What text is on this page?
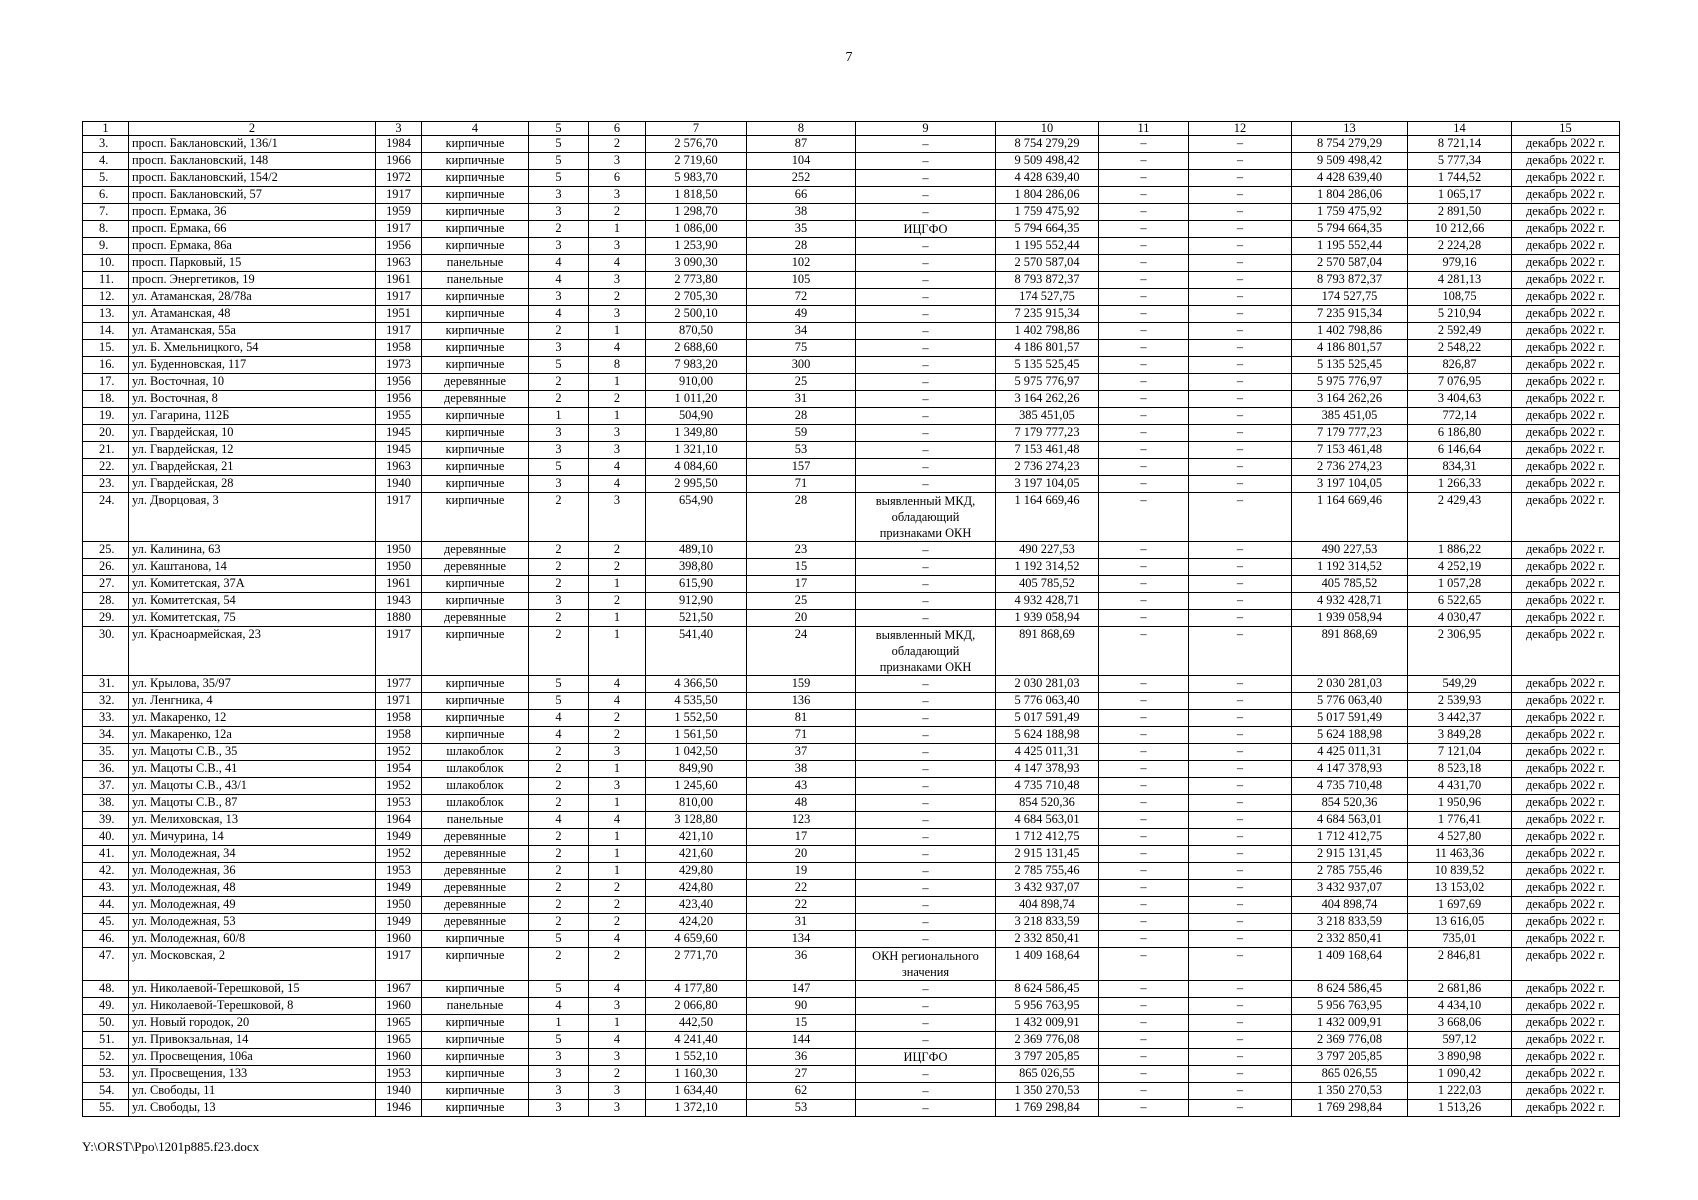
7
1	2	3	4	5	6	7	8	9	10	11	12	13	14	15
3.	просп. Баклановский, 136/1	1984	кирпичные	5	2	2 576,70	87	–	8 754 279,29	–	–	8 754 279,29	8 721,14	декабрь 2022 г.
4.	просп. Баклановский, 148	1966	кирпичные	5	3	2 719,60	104	–	9 509 498,42	–	–	9 509 498,42	5 777,34	декабрь 2022 г.
5.	просп. Баклановский, 154/2	1972	кирпичные	5	6	5 983,70	252	–	4 428 639,40	–	–	4 428 639,40	1 744,52	декабрь 2022 г.
6.	просп. Баклановский, 57	1917	кирпичные	3	3	1 818,50	66	–	1 804 286,06	–	–	1 804 286,06	1 065,17	декабрь 2022 г.
7.	просп. Ермака, 36	1959	кирпичные	3	2	1 298,70	38	–	1 759 475,92	–	–	1 759 475,92	2 891,50	декабрь 2022 г.
8.	просп. Ермака, 66	1917	кирпичные	2	1	1 086,00	35	ИЦГФО	5 794 664,35	–	–	5 794 664,35	10 212,66	декабрь 2022 г.
9.	просп. Ермака, 86а	1956	кирпичные	3	3	1 253,90	28	–	1 195 552,44	–	–	1 195 552,44	2 224,28	декабрь 2022 г.
10.	просп. Парковый, 15	1963	панельные	4	4	3 090,30	102	–	2 570 587,04	–	–	2 570 587,04	979,16	декабрь 2022 г.
11.	просп. Энергетиков, 19	1961	панельные	4	3	2 773,80	105	–	8 793 872,37	–	–	8 793 872,37	4 281,13	декабрь 2022 г.
12.	ул. Атаманская, 28/78а	1917	кирпичные	3	2	2 705,30	72	–	174 527,75	–	–	174 527,75	108,75	декабрь 2022 г.
13.	ул. Атаманская, 48	1951	кирпичные	4	3	2 500,10	49	–	7 235 915,34	–	–	7 235 915,34	5 210,94	декабрь 2022 г.
14.	ул. Атаманская, 55а	1917	кирпичные	2	1	870,50	34	–	1 402 798,86	–	–	1 402 798,86	2 592,49	декабрь 2022 г.
15.	ул. Б. Хмельницкого, 54	1958	кирпичные	3	4	2 688,60	75	–	4 186 801,57	–	–	4 186 801,57	2 548,22	декабрь 2022 г.
16.	ул. Буденновская, 117	1973	кирпичные	5	8	7 983,20	300	–	5 135 525,45	–	–	5 135 525,45	826,87	декабрь 2022 г.
17.	ул. Восточная, 10	1956	деревянные	2	1	910,00	25	–	5 975 776,97	–	–	5 975 776,97	7 076,95	декабрь 2022 г.
18.	ул. Восточная, 8	1956	деревянные	2	2	1 011,20	31	–	3 164 262,26	–	–	3 164 262,26	3 404,63	декабрь 2022 г.
19.	ул. Гагарина, 112Б	1955	кирпичные	1	1	504,90	28	–	385 451,05	–	–	385 451,05	772,14	декабрь 2022 г.
20.	ул. Гвардейская, 10	1945	кирпичные	3	3	1 349,80	59	–	7 179 777,23	–	–	7 179 777,23	6 186,80	декабрь 2022 г.
21.	ул. Гвардейская, 12	1945	кирпичные	3	3	1 321,10	53	–	7 153 461,48	–	–	7 153 461,48	6 146,64	декабрь 2022 г.
22.	ул. Гвардейская, 21	1963	кирпичные	5	4	4 084,60	157	–	2 736 274,23	–	–	2 736 274,23	834,31	декабрь 2022 г.
23.	ул. Гвардейская, 28	1940	кирпичные	3	4	2 995,50	71	–	3 197 104,05	–	–	3 197 104,05	1 266,33	декабрь 2022 г.
24.	ул. Дворцовая, 3	1917	кирпичные	2	3	654,90	28	выявленный МКД, обладающий признаками ОКН	1 164 669,46	–	–	1 164 669,46	2 429,43	декабрь 2022 г.
25.	ул. Калинина, 63	1950	деревянные	2	2	489,10	23	–	490 227,53	–	–	490 227,53	1 886,22	декабрь 2022 г.
26.	ул. Каштанова, 14	1950	деревянные	2	2	398,80	15	–	1 192 314,52	–	–	1 192 314,52	4 252,19	декабрь 2022 г.
27.	ул. Комитетская, 37А	1961	кирпичные	2	1	615,90	17	–	405 785,52	–	–	405 785,52	1 057,28	декабрь 2022 г.
28.	ул. Комитетская, 54	1943	кирпичные	3	2	912,90	25	–	4 932 428,71	–	–	4 932 428,71	6 522,65	декабрь 2022 г.
29.	ул. Комитетская, 75	1880	деревянные	2	1	521,50	20	–	1 939 058,94	–	–	1 939 058,94	4 030,47	декабрь 2022 г.
30.	ул. Красноармейская, 23	1917	кирпичные	2	1	541,40	24	выявленный МКД, обладающий признаками ОКН	891 868,69	–	–	891 868,69	2 306,95	декабрь 2022 г.
31.	ул. Крылова, 35/97	1977	кирпичные	5	4	4 366,50	159	–	2 030 281,03	–	–	2 030 281,03	549,29	декабрь 2022 г.
32.	ул. Ленгника, 4	1971	кирпичные	5	4	4 535,50	136	–	5 776 063,40	–	–	5 776 063,40	2 539,93	декабрь 2022 г.
33.	ул. Макаренко, 12	1958	кирпичные	4	2	1 552,50	81	–	5 017 591,49	–	–	5 017 591,49	3 442,37	декабрь 2022 г.
34.	ул. Макаренко, 12а	1958	кирпичные	4	2	1 561,50	71	–	5 624 188,98	–	–	5 624 188,98	3 849,28	декабрь 2022 г.
35.	ул. Мацоты С.В., 35	1952	шлакоблок	2	3	1 042,50	37	–	4 425 011,31	–	–	4 425 011,31	7 121,04	декабрь 2022 г.
36.	ул. Мацоты С.В., 41	1954	шлакоблок	2	1	849,90	38	–	4 147 378,93	–	–	4 147 378,93	8 523,18	декабрь 2022 г.
37.	ул. Мацоты С.В., 43/1	1952	шлакоблок	2	3	1 245,60	43	–	4 735 710,48	–	–	4 735 710,48	4 431,70	декабрь 2022 г.
38.	ул. Мацоты С.В., 87	1953	шлакоблок	2	1	810,00	48	–	854 520,36	–	–	854 520,36	1 950,96	декабрь 2022 г.
39.	ул. Мелиховская, 13	1964	панельные	4	4	3 128,80	123	–	4 684 563,01	–	–	4 684 563,01	1 776,41	декабрь 2022 г.
40.	ул. Мичурина, 14	1949	деревянные	2	1	421,10	17	–	1 712 412,75	–	–	1 712 412,75	4 527,80	декабрь 2022 г.
41.	ул. Молодежная, 34	1952	деревянные	2	1	421,60	20	–	2 915 131,45	–	–	2 915 131,45	11 463,36	декабрь 2022 г.
42.	ул. Молодежная, 36	1953	деревянные	2	1	429,80	19	–	2 785 755,46	–	–	2 785 755,46	10 839,52	декабрь 2022 г.
43.	ул. Молодежная, 48	1949	деревянные	2	2	424,80	22	–	3 432 937,07	–	–	3 432 937,07	13 153,02	декабрь 2022 г.
44.	ул. Молодежная, 49	1950	деревянные	2	2	423,40	22	–	404 898,74	–	–	404 898,74	1 697,69	декабрь 2022 г.
45.	ул. Молодежная, 53	1949	деревянные	2	2	424,20	31	–	3 218 833,59	–	–	3 218 833,59	13 616,05	декабрь 2022 г.
46.	ул. Молодежная, 60/8	1960	кирпичные	5	4	4 659,60	134	–	2 332 850,41	–	–	2 332 850,41	735,01	декабрь 2022 г.
47.	ул. Московская, 2	1917	кирпичные	2	2	2 771,70	36	ОКН регионального значения	1 409 168,64	–	–	1 409 168,64	2 846,81	декабрь 2022 г.
48.	ул. Николаевой-Терешковой, 15	1967	кирпичные	5	4	4 177,80	147	–	8 624 586,45	–	–	8 624 586,45	2 681,86	декабрь 2022 г.
49.	ул. Николаевой-Терешковой, 8	1960	панельные	4	3	2 066,80	90	–	5 956 763,95	–	–	5 956 763,95	4 434,10	декабрь 2022 г.
50.	ул. Новый городок, 20	1965	кирпичные	1	1	442,50	15	–	1 432 009,91	–	–	1 432 009,91	3 668,06	декабрь 2022 г.
51.	ул. Привокзальная, 14	1965	кирпичные	5	4	4 241,40	144	–	2 369 776,08	–	–	2 369 776,08	597,12	декабрь 2022 г.
52.	ул. Просвещения, 106а	1960	кирпичные	3	3	1 552,10	36	ИЦГФО	3 797 205,85	–	–	3 797 205,85	3 890,98	декабрь 2022 г.
53.	ул. Просвещения, 133	1953	кирпичные	3	2	1 160,30	27	–	865 026,55	–	–	865 026,55	1 090,42	декабрь 2022 г.
54.	ул. Свободы, 11	1940	кирпичные	3	3	1 634,40	62	–	1 350 270,53	–	–	1 350 270,53	1 222,03	декабрь 2022 г.
55.	ул. Свободы, 13	1946	кирпичные	3	3	1 372,10	53	–	1 769 298,84	–	–	1 769 298,84	1 513,26	декабрь 2022 г.
Y:\ORST\Ppo\1201p885.f23.docx
